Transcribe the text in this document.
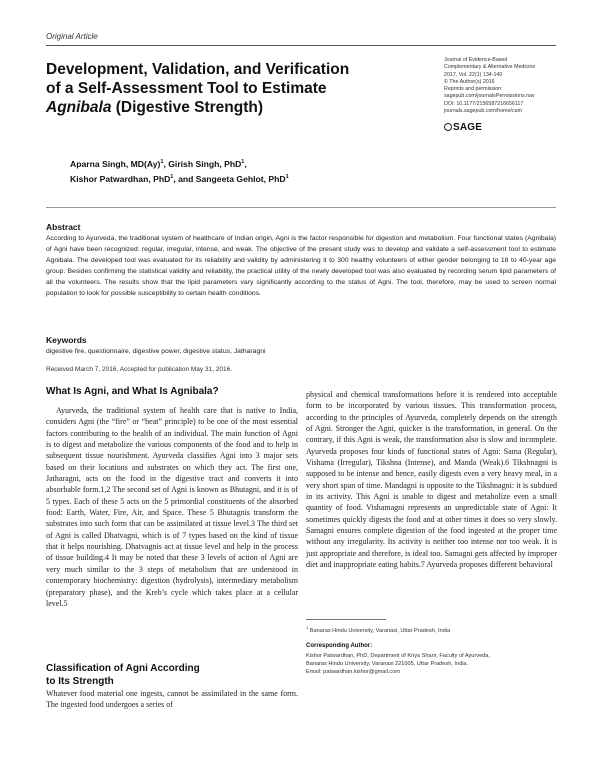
Original Article
Development, Validation, and Verification
of a Self-Assessment Tool to Estimate
Agnibala (Digestive Strength)
Journal of Evidence-Based
Complementary & Alternative Medicine
2017, Vol. 22(1) 134-140
© The Author(s) 2016
Reprints and permission:
sagepub.com/journalsPermissions.nav
DOI: 10.1177/2156587216656117
journals.sagepub.com/home/cam
SAGE
Aparna Singh, $MD(Ay)^1$, Girish Singh, PhD$^1$,
Kishor Patwardhan, PhD$^1$, and Sangeeta Gehlot, PhD$^1$
Abstract
According to Ayurveda, the traditional system of healthcare of Indian origin, Agni is the factor responsible for digestion and metabolism. Four functional states (Agnibala) of Agni have been recognized: regular, irregular, intense, and weak. The objective of the present study was to develop and validate a self-assessment tool to estimate Agnibala. The developed tool was evaluated for its reliability and validity by administering it to 300 healthy volunteers of either gender belonging to 18 to 40-year age group. Besides confirming the statistical validity and reliability, the practical utility of the newly developed tool was also evaluated by recording serum lipid parameters of all the volunteers. The results show that the lipid parameters vary significantly according to the status of Agni. The tool, therefore, may be used to screen normal population to look for possible susceptibility to certain health conditions.
Keywords
digestive fire, questionnaire, digestive power, digestive status, Jatharagni
Received March 7, 2016. Accepted for publication May 31, 2016.
What Is Agni, and What Is Agnibala?

Ayurveda, the traditional system of health care that is native to India, considers Agni (the “fire” or “heat” principle) to be one of the most essential factors contributing to the health of an individual. The main function of Agni is to digest and metabolize the various components of the food and to help in subsequent tissue nourishment. Ayurveda classifies Agni into 3 major sets based on their locations and substrates on which they act. The first one, Jatharagni, acts on the food in the digestive tract and converts it into absorbable form.1,2 The second set of Agni is known as Bhutagni, and it is of 5 types. Each of these 5 acts on the 5 primordial constituents of the absorbed food: Earth, Water, Fire, Air, and Space. These 5 Bhutagnis transform the substrates into such form that can be assimilated at tissue level.3 The third set of Agni is called Dhatvagni, which is of 7 types based on the kind of tissue that it helps nourishing. Dhatvagnis act at tissue level and help in the process of tissue building.4 It may be noted that these 3 levels of action of Agni are very much similar to the 3 steps of metabolism that are understood in contemporary biochemistry: digestion (hydrolysis), intermediary metabolism (preparatory phase), and the Kreb’s cycle which takes place at a cellular level.5

physical and chemical transformations before it is rendered into acceptable form to be incorporated by various tissues. This transformation process, according to the principles of Ayurveda, completely depends on the strength of Agni. Stronger the Agni, quicker is the transformation, in general. On the contrary, if this Agni is weak, the transformation also is slow and incomplete. Ayurveda proposes four kinds of functional states of Agni: Sama (Regular), Vishama (Irregular), Tikshna (Intense), and Manda (Weak).6 Tikshnagni is supposed to be intense and hence, easily digests even a very heavy meal, in a very short span of time. Mandagni is opposite to the Tikshnagni: it is subdued in its activity. This Agni is unable to digest and metabolize even a small quantity of food. Vishamagni represents an unpredictable state of Agni: It sometimes quickly digests the food and at other times it does so very slowly. Samagni ensures complete digestion of the food ingested at the proper time without any irregularity. Its activity is neither too intense nor too weak. It is just appropriate and therefore, is ideal too. Samagni gets affected by improper diet and inappropriate eating habits.7 Ayurveda proposes different behavioral

Classification of Agni According
to Its Strength

Whatever food material one ingests, cannot be assimilated in the same form. The ingested food undergoes a series of

$^1$ Banaras Hindu University, Varanasi, Uttar Pradesh, India
Corresponding Author:
Kishor Patwardhan, PhD, Department of Kriya Sharir, Faculty of Ayurveda,
Banaras Hindu University, Varanasi 221005, Uttar Pradesh, India.
Email: patwardhan.kishor@gmail.com
